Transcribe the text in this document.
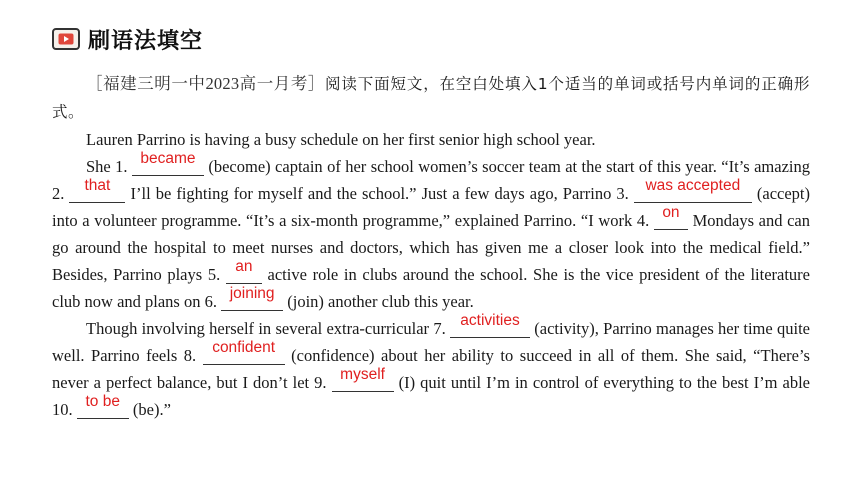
刷语法填空

［福建三明一中2023高一月考］阅读下面短文，在空白处填入1个适当的单词或括号内单词的正确形式。

Lauren Parrino is having a busy schedule on her first senior high school year.

She 1. became (become) captain of her school women’s soccer team at the start of this year. “It’s amazing 2. that I’ll be fighting for myself and the school.” Just a few days ago, Parrino 3. was accepted (accept) into a volunteer programme. “It’s a six-month programme,” explained Parrino. “I work 4. on Mondays and can go around the hospital to meet nurses and doctors, which has given me a closer look into the medical field.” Besides, Parrino plays 5. an active role in clubs around the school. She is the vice president of the literature club now and plans on 6. joining (join) another club this year.

Though involving herself in several extra-curricular 7. activities (activity), Parrino manages her time quite well. Parrino feels 8. confident (confidence) about her ability to succeed in all of them. She said, “There’s never a perfect balance, but I don’t let 9. myself (I) quit until I’m in control of everything to the best I’m able 10. to be (be).”
